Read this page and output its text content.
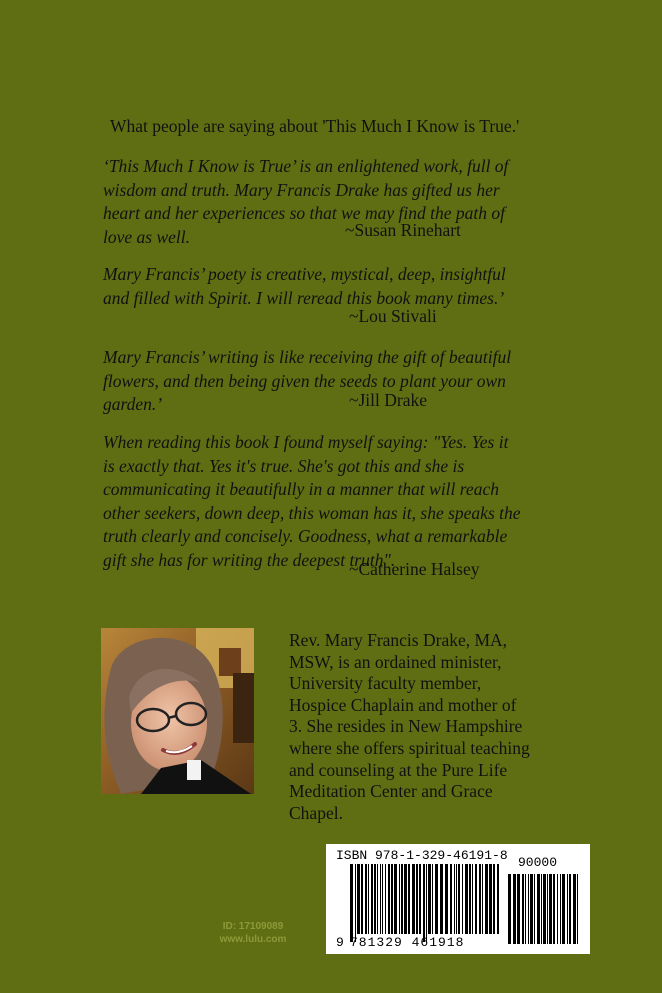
What people are saying about 'This Much I Know is True.'
‘This Much I Know is True’ is an enlightened work, full of
wisdom and truth. Mary Francis Drake has gifted us her
heart and her experiences so that we may find the path of
love as well.	~Susan Rinehart
Mary Francis’ poety is creative, mystical, deep, insightful
and filled with Spirit. I will reread this book many times.’
~Lou Stivali
Mary Francis’ writing is like receiving the gift of beautiful
flowers, and then being given the seeds to plant your own
garden.’	~Jill Drake
When reading this book I found myself saying: "Yes. Yes it
is exactly that. Yes it's true. She's got this and she is
communicating it beautifully in a manner that will reach
other seekers, down deep, this woman has it, she speaks the
truth clearly and concisely. Goodness, what a remarkable
gift she has for writing the deepest truth".
~Catherine Halsey
Rev. Mary Francis Drake, MA,
MSW, is an ordained minister,
University faculty member,
Hospice Chaplain and mother of
3. She resides in New Hampshire
where she offers spiritual teaching
and counseling at the Pure Life
Meditation Center and Grace
Chapel.
ID: 17109089
www.lulu.com
ISBN 978-1-329-46191-8 90000
9 781329 461918
